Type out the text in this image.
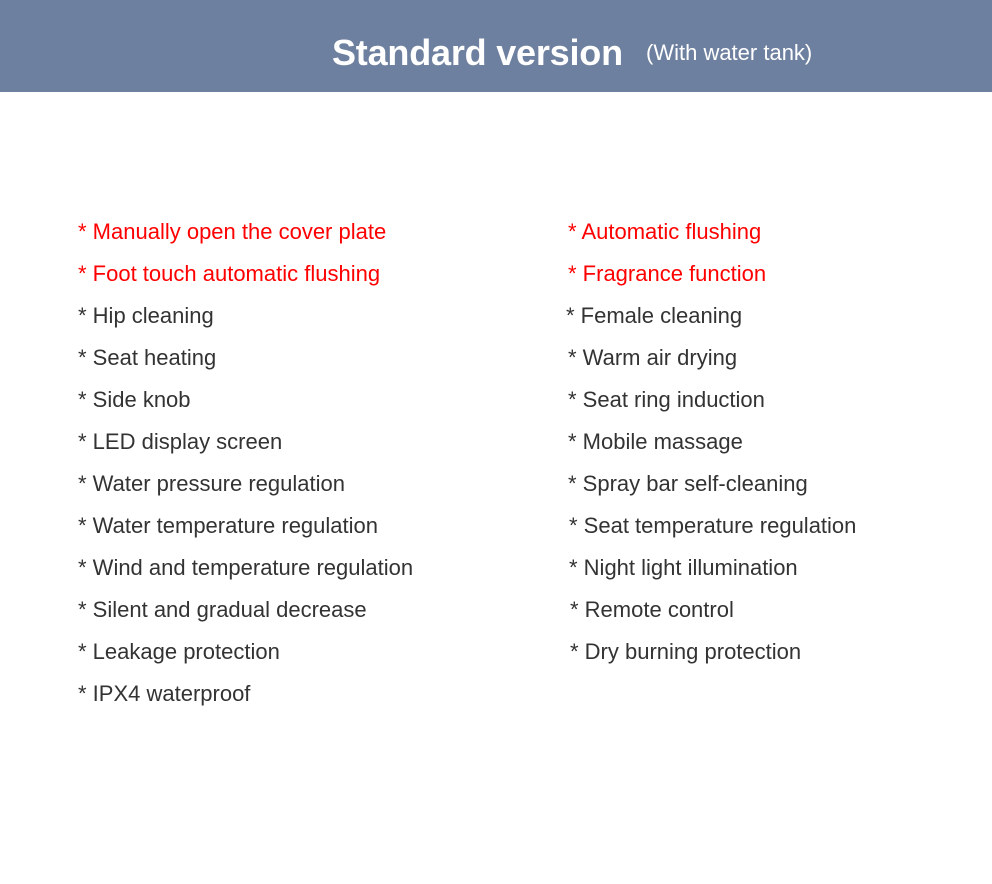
Standard version (With water tank)
* Manually open the cover plate
* Foot touch automatic flushing
* Hip cleaning
* Seat heating
* Side knob
* LED display screen
* Water pressure regulation
* Water temperature regulation
* Wind and temperature regulation
* Silent and gradual decrease
* Leakage protection
* IPX4 waterproof
* Automatic flushing
* Fragrance function
* Female cleaning
* Warm air drying
* Seat ring induction
* Mobile massage
* Spray bar self-cleaning
* Seat temperature regulation
* Night light illumination
* Remote control
* Dry burning protection
